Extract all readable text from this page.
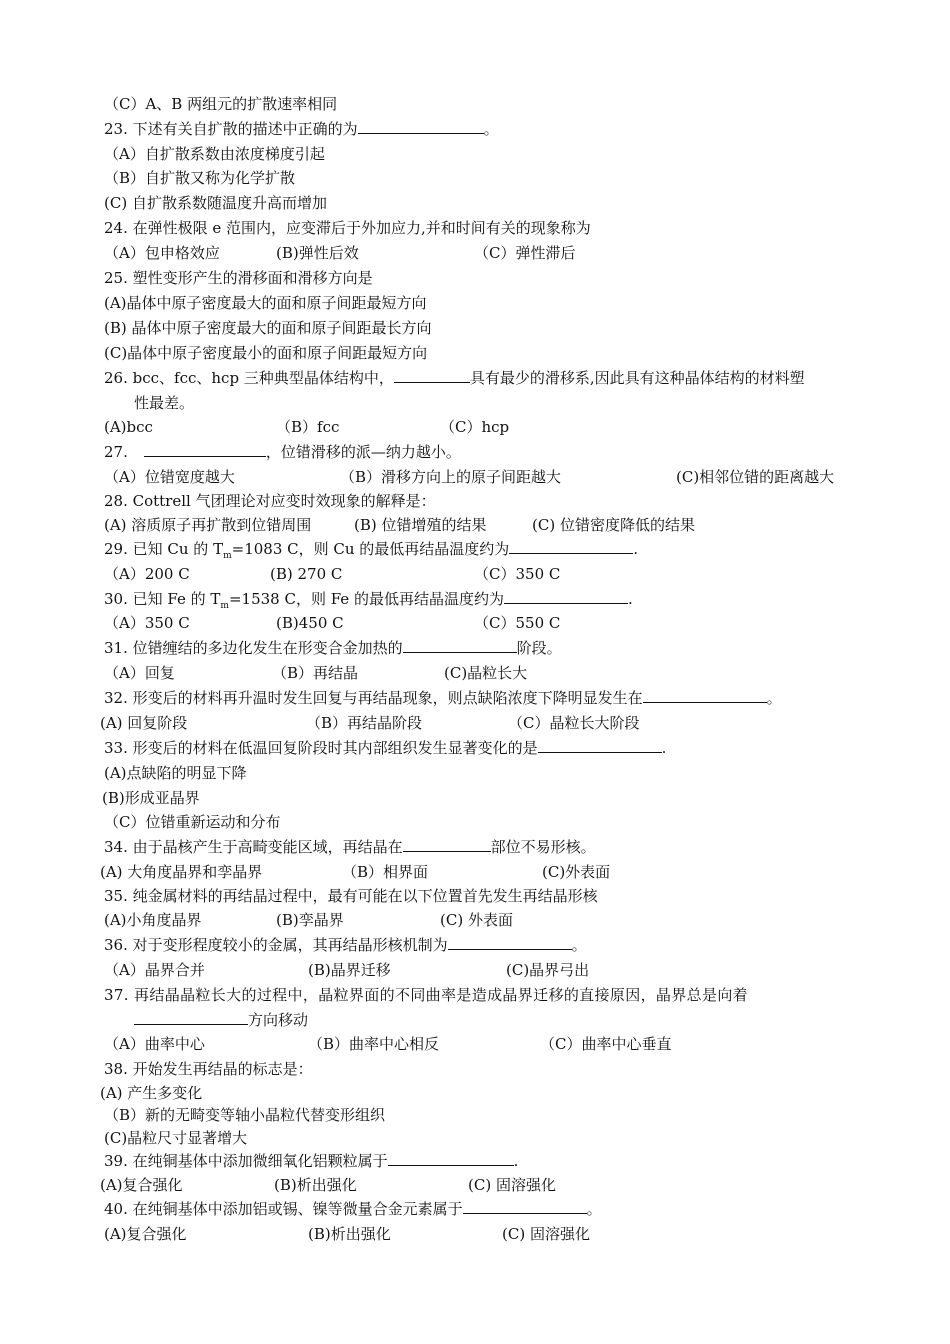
（C）A、B 两组元的扩散速率相同
23. 下述有关自扩散的描述中正确的为	。
（A）自扩散系数由浓度梯度引起
（B）自扩散又称为化学扩散
(C) 自扩散系数随温度升高而增加
24. 在弹性极限 e 范围内，应变滞后于外加应力,并和时间有关的现象称为
（A）包申格效应	(B)弹性后效	（C）弹性滞后
25. 塑性变形产生的滑移面和滑移方向是
(A)晶体中原子密度最大的面和原子间距最短方向
(B) 晶体中原子密度最大的面和原子间距最长方向
(C)晶体中原子密度最小的面和原子间距最短方向
26. bcc、fcc、hcp 三种典型晶体结构中，	具有最少的滑移系,因此具有这种晶体结构的材料塑
性最差。
(A)bcc	（B）fcc	（C）hcp
27.	，位错滑移的派—纳力越小。
（A）位错宽度越大	（B）滑移方向上的原子间距越大	(C)相邻位错的距离越大
28. Cottrell 气团理论对应变时效现象的解释是：
(A) 溶质原子再扩散到位错周围	(B) 位错增殖的结果	(C) 位错密度降低的结果
29. 已知 Cu 的 $T_m=1083$ C，则 Cu 的最低再结晶温度约为	.
（A）200 C	(B) 270 C	（C）350 C
30. 已知 Fe 的 $T_m=1538$ C，则 Fe 的最低再结晶温度约为	.
（A）350 C	(B)450 C	（C）550 C
31. 位错缠结的多边化发生在形变合金加热的	阶段。
（A）回复	（B）再结晶	(C)晶粒长大
32. 形变后的材料再升温时发生回复与再结晶现象，则点缺陷浓度下降明显发生在	。
(A) 回复阶段	（B）再结晶阶段	（C）晶粒长大阶段
33. 形变后的材料在低温回复阶段时其内部组织发生显著变化的是	.
(A)点缺陷的明显下降
(B)形成亚晶界
（C）位错重新运动和分布
34. 由于晶核产生于高畸变能区域，再结晶在	部位不易形核。
(A) 大角度晶界和孪晶界	（B）相界面	(C)外表面
35. 纯金属材料的再结晶过程中，最有可能在以下位置首先发生再结晶形核
(A)小角度晶界	(B)孪晶界	(C) 外表面
36. 对于变形程度较小的金属，其再结晶形核机制为	。
（A）晶界合并	(B)晶界迁移	(C)晶界弓出
37. 再结晶晶粒长大的过程中，晶粒界面的不同曲率是造成晶界迁移的直接原因，晶界总是向着
方向移动
（A）曲率中心	（B）曲率中心相反	（C）曲率中心垂直
38. 开始发生再结晶的标志是：
(A) 产生多变化
（B）新的无畸变等轴小晶粒代替变形组织
(C)晶粒尺寸显著增大
39. 在纯铜基体中添加微细氧化铝颗粒属于	.
(A)复合强化	(B)析出强化	(C) 固溶强化
40. 在纯铜基体中添加铝或锡、镍等微量合金元素属于	。
(A)复合强化	(B)析出强化	(C) 固溶强化
